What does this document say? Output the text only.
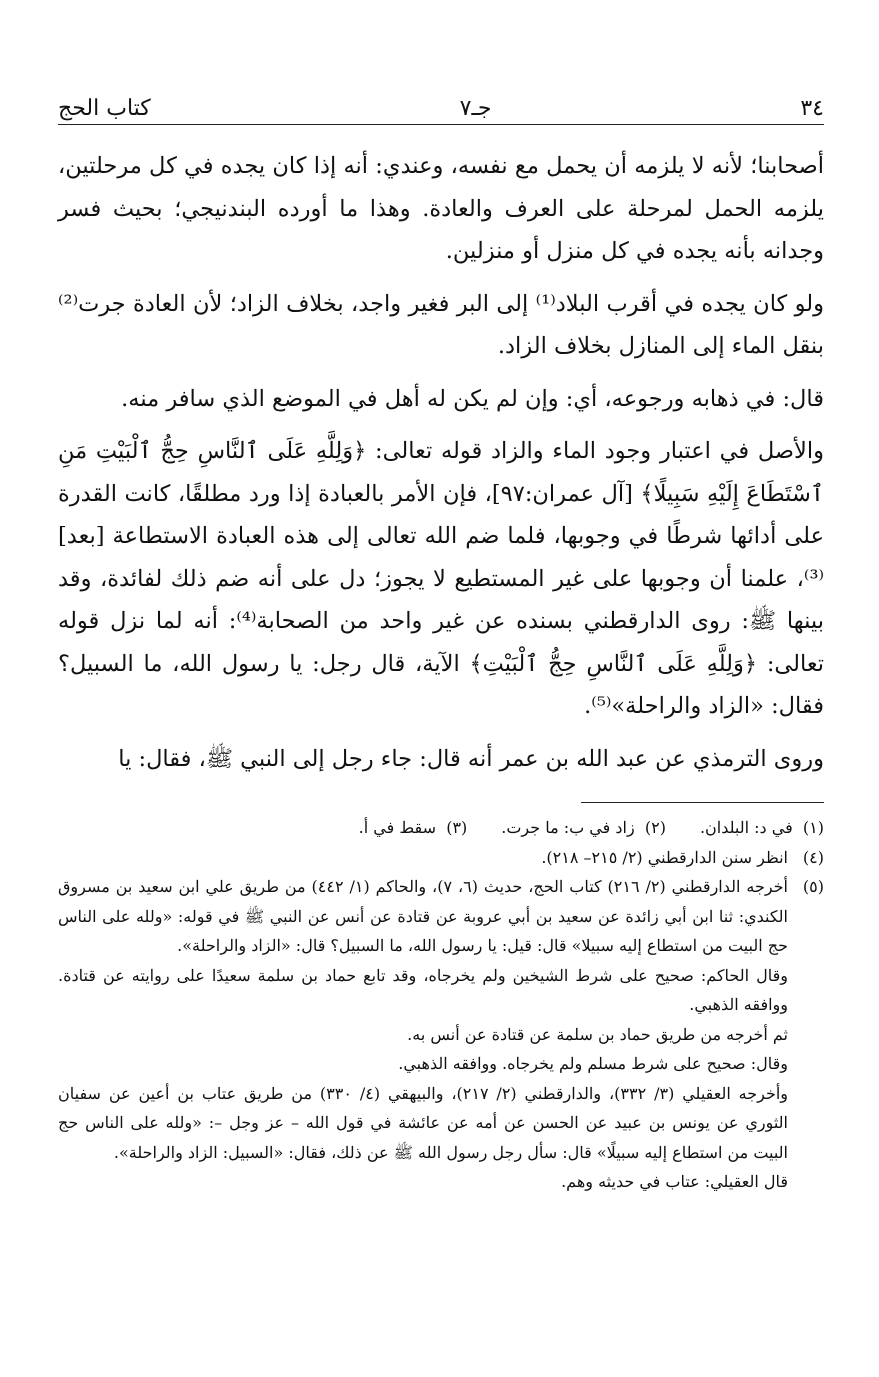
٣٤
جـ٧
كتاب الحج

أصحابنا؛ لأنه لا يلزمه أن يحمل مع نفسه، وعندي: أنه إذا كان يجده في كل مرحلتين، يلزمه الحمل لمرحلة على العرف والعادة. وهذا ما أورده البندنيجي؛ بحيث فسر وجدانه بأنه يجده في كل منزل أو منزلين.

ولو كان يجده في أقرب البلاد⁽¹⁾ إلى البر فغير واجد، بخلاف الزاد؛ لأن العادة جرت⁽²⁾ بنقل الماء إلى المنازل بخلاف الزاد.

قال: في ذهابه ورجوعه، أي: وإن لم يكن له أهل في الموضع الذي سافر منه.

والأصل في اعتبار وجود الماء والزاد قوله تعالى: ﴿وَلِلَّهِ عَلَى ٱلنَّاسِ حِجُّ ٱلْبَيْتِ مَنِ ٱسْتَطَاعَ إِلَيْهِ سَبِيلًا﴾ [آل عمران:٩٧]، فإن الأمر بالعبادة إذا ورد مطلقًا، كانت القدرة على أدائها شرطًا في وجوبها، فلما ضم الله تعالى إلى هذه العبادة الاستطاعة [بعد]⁽³⁾، علمنا أن وجوبها على غير المستطيع لا يجوز؛ دل على أنه ضم ذلك لفائدة، وقد بينها ﷺ: روى الدارقطني بسنده عن غير واحد من الصحابة⁽⁴⁾: أنه لما نزل قوله تعالى: ﴿وَلِلَّهِ عَلَى ٱلنَّاسِ حِجُّ ٱلْبَيْتِ﴾ الآية، قال رجل: يا رسول الله، ما السبيل؟ فقال: «الزاد والراحلة»⁽⁵⁾.

وروى الترمذي عن عبد الله بن عمر أنه قال: جاء رجل إلى النبي ﷺ، فقال: يا

(١)  في د: البلدان.
(٢)  زاد في ب: ما جرت.
(٣)  سقط في أ.
(٤)
انظر سنن الدارقطني (٢/ ٢١٥– ٢١٨).
(٥)
أخرجه الدارقطني (٢/ ٢١٦) كتاب الحج، حديث (٦، ٧)، والحاكم (١/ ٤٤٢) من طريق علي ابن سعيد بن مسروق الكندي: ثنا ابن أبي زائدة عن سعيد بن أبي عروبة عن قتادة عن أنس عن النبي ﷺ في قوله: «ولله على الناس حج البيت من استطاع إليه سبيلا» قال: قيل: يا رسول الله، ما السبيل؟ قال: «الزاد والراحلة».
وقال الحاكم: صحيح على شرط الشيخين ولم يخرجاه، وقد تابع حماد بن سلمة سعيدًا على روايته عن قتادة. ووافقه الذهبي.
ثم أخرجه من طريق حماد بن سلمة عن قتادة عن أنس به.
وقال: صحيح على شرط مسلم ولم يخرجاه. ووافقه الذهبي.
وأخرجه العقيلي (٣/ ٣٣٢)، والدارقطني (٢/ ٢١٧)، والبيهقي (٤/ ٣٣٠) من طريق عتاب بن أعين عن سفيان الثوري عن يونس بن عبيد عن الحسن عن أمه عن عائشة في قول الله – عز وجل –: «ولله على الناس حج البيت من استطاع إليه سبيلًا» قال: سأل رجل رسول الله ﷺ عن ذلك، فقال: «السبيل: الزاد والراحلة».
قال العقيلي: عتاب في حديثه وهم.
